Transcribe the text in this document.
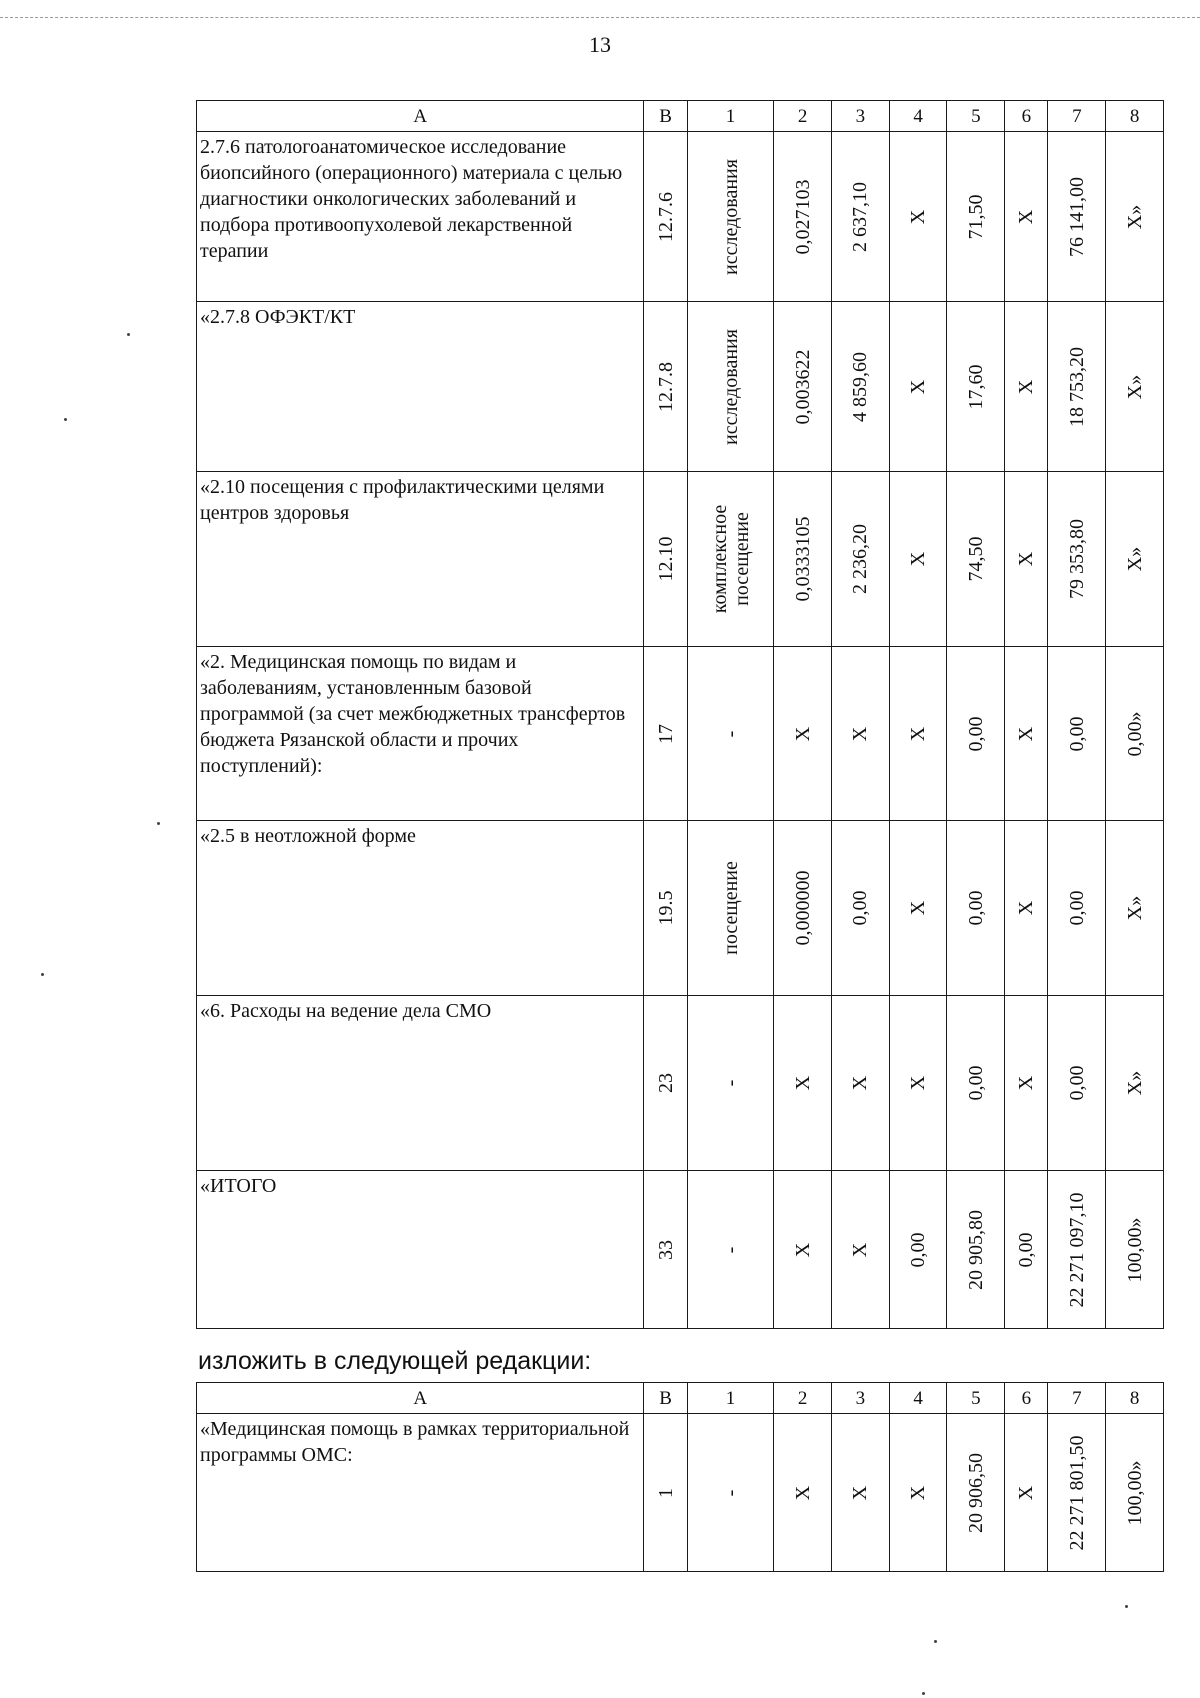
13
А	В	1	2	3	4	5	6	7	8
2.7.6 патологоанатомическое исследование биопсийного (операционного) материала с целью диагностики онкологических заболеваний и подбора противоопухолевой лекарственной терапии	12.7.6	исследования	0,027103	2 637,10	Х	71,50	Х	76 141,00	Х»

«2.7.8 ОФЭКТ/КТ	12.7.8	исследования	0,003622	4 859,60	Х	17,60	Х	18 753,20	Х»

«2.10 посещения с профилактическими целями центров здоровья	12.10	комплексное посещение	0,0333105	2 236,20	Х	74,50	Х	79 353,80	Х»

«2. Медицинская помощь по видам и заболеваниям, установленным базовой программой (за счет межбюджетных трансфертов бюджета Рязанской области и прочих поступлений):	17	-	Х	Х	Х	0,00	Х	0,00	0,00»

«2.5 в неотложной форме	19.5	посещение	0,000000	0,00	Х	0,00	Х	0,00	Х»

«6. Расходы на ведение дела СМО	23	-	Х	Х	Х	0,00	Х	0,00	Х»

«ИТОГО	33	-	Х	Х	0,00	20 905,80	0,00	22 271 097,10	100,00»
изложить в следующей редакции:
А	В	1	2	3	4	5	6	7	8
«Медицинская помощь в рамках территориальной программы ОМС:	1	-	Х	Х	Х	20 906,50	Х	22 271 801,50	100,00»
